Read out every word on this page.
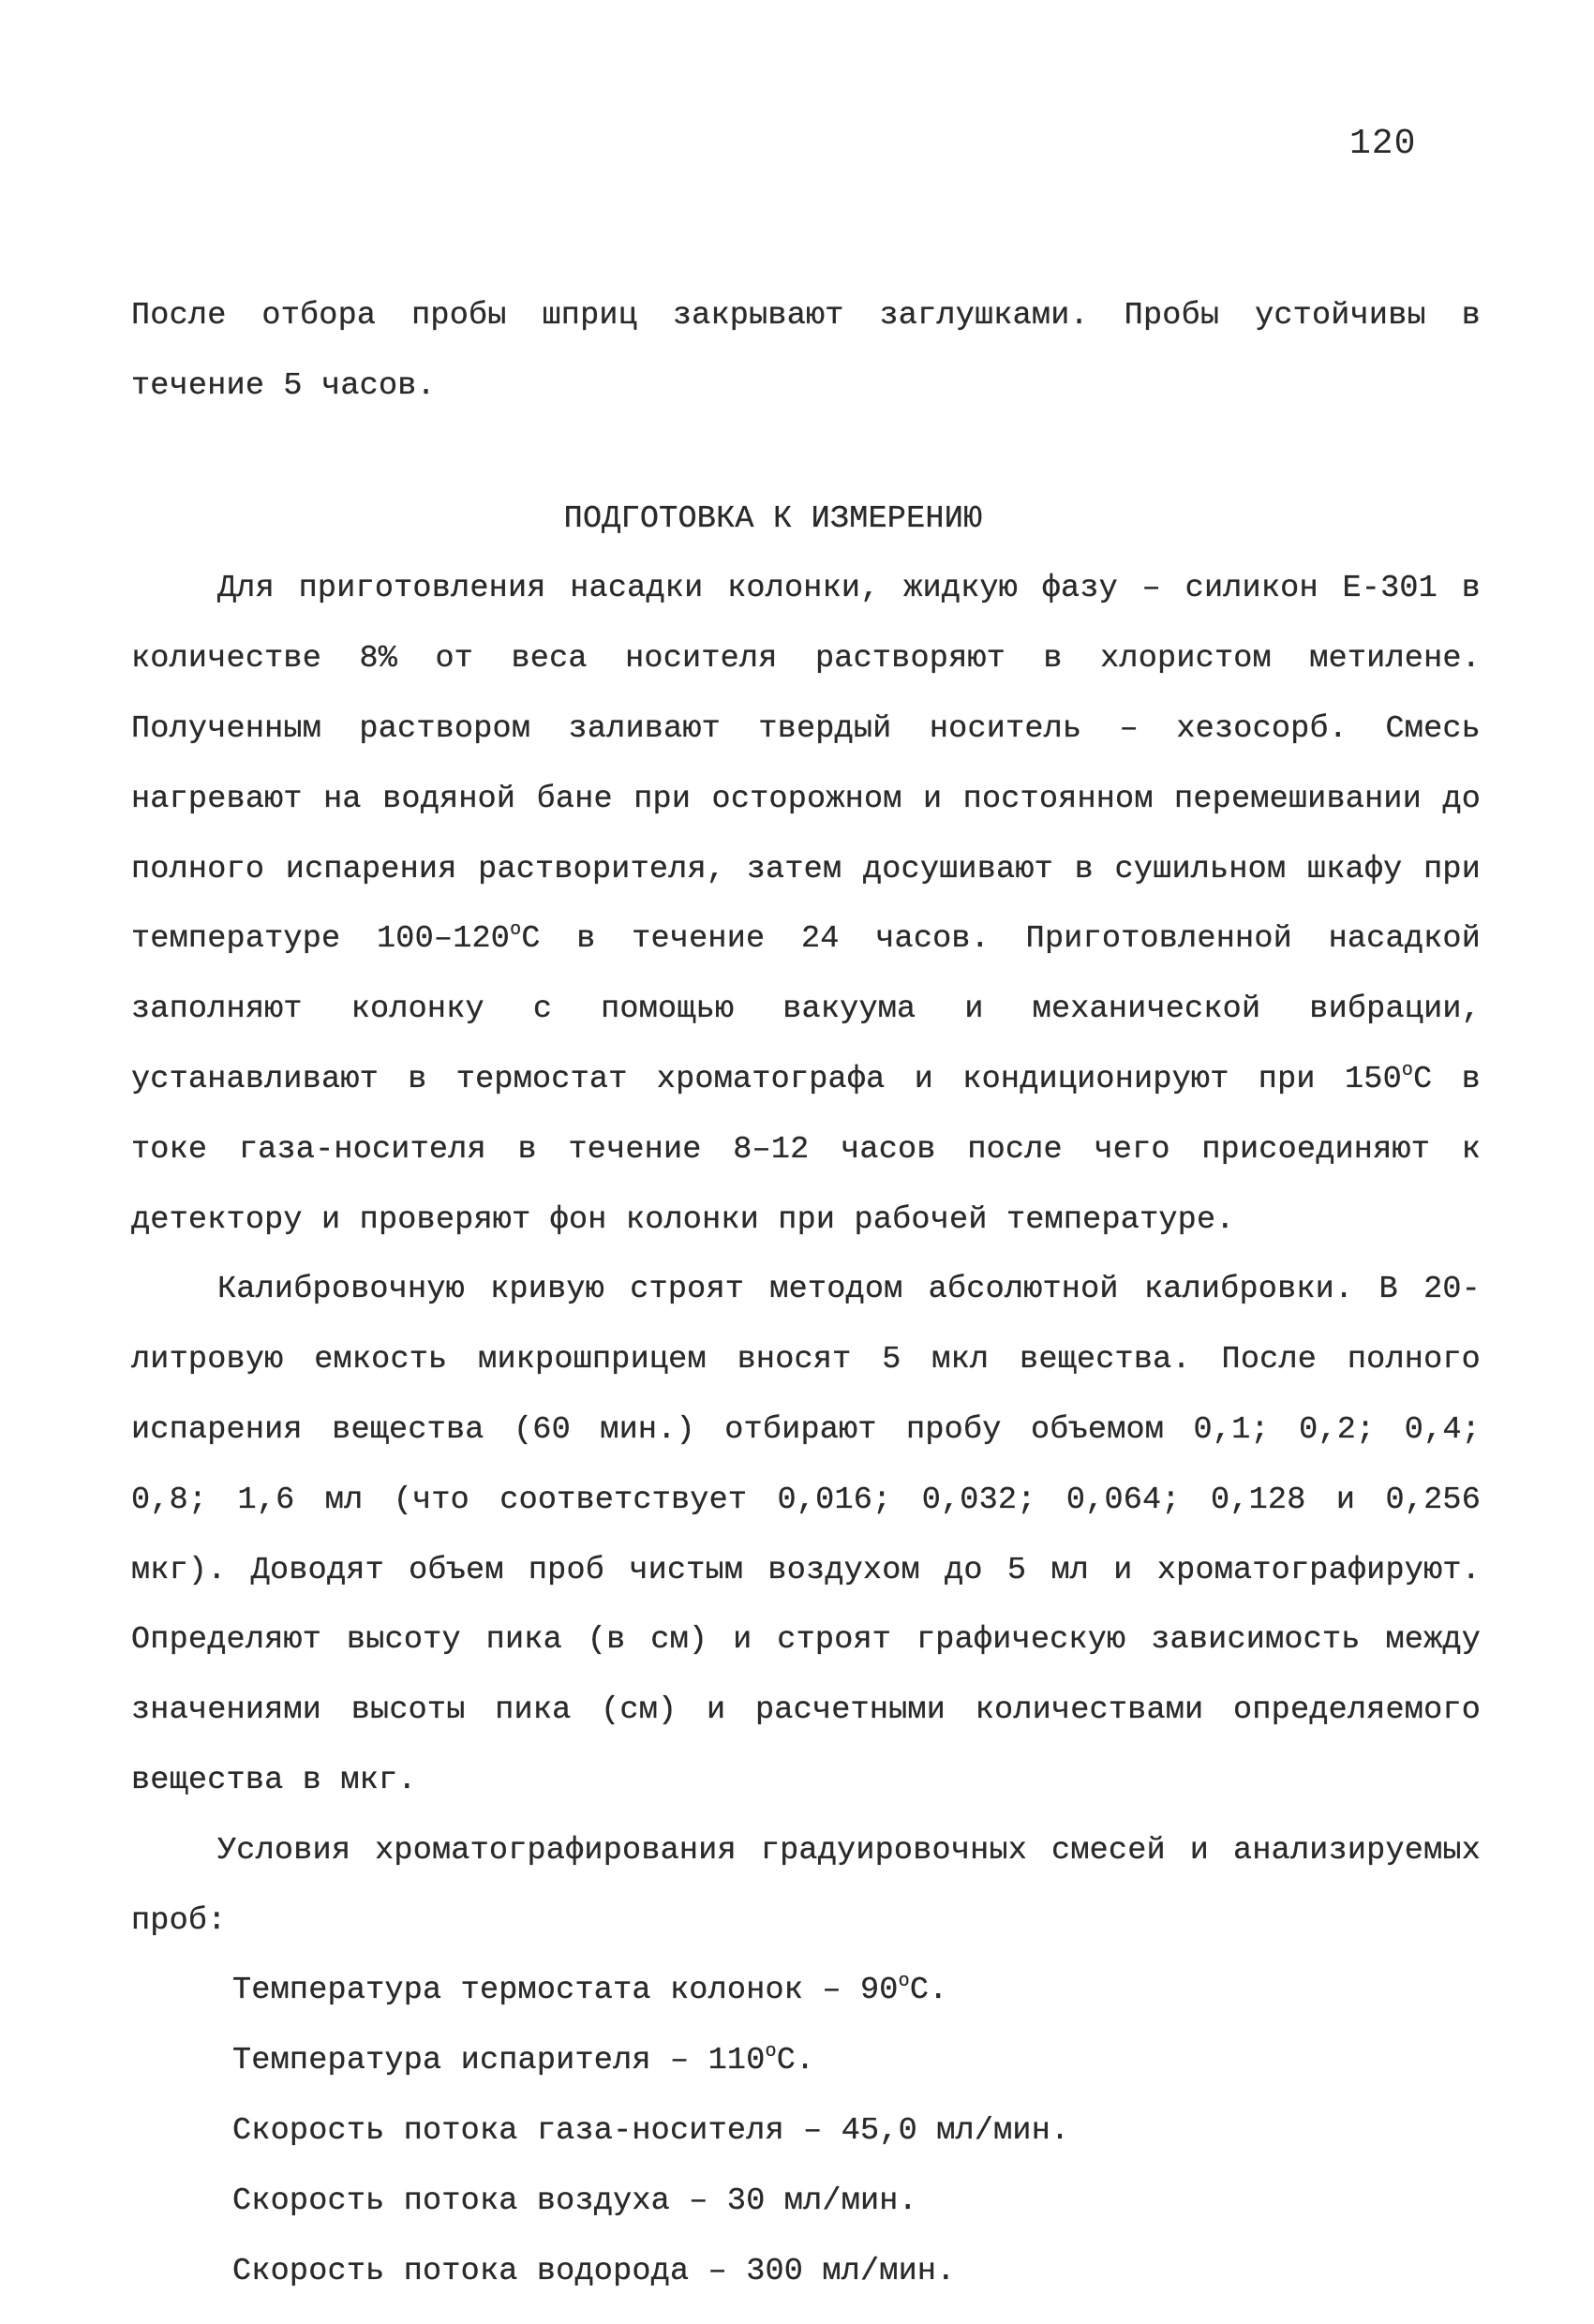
120

После отбора пробы шприц закрывают заглушками. Пробы устойчивы в течение 5 часов.

ПОДГОТОВКА К ИЗМЕРЕНИЮ

Для приготовления насадки колонки, жидкую фазу – силикон Е-301 в количестве 8% от веса носителя растворяют в хлористом метилене. Полученным раствором заливают твердый носитель – хезосорб. Смесь нагревают на водяной бане при осторожном и постоянном перемешивании до полного испарения растворителя, затем досушивают в сушильном шкафу при температуре $100-120^оС$ в течение 24 часов. Приготовленной насадкой заполняют колонку с помощью вакуума и механической вибрации, устанавливают в термостат хроматографа и кондиционируют при $150^оС$ в токе газа-носителя в течение 8–12 часов после чего присоединяют к детектору и проверяют фон колонки при рабочей температуре.

Калибровочную кривую строят методом абсолютной калибровки. В 20-литровую емкость микрошприцем вносят 5 мкл вещества. После полного испарения вещества (60 мин.) отбирают пробу объемом 0,1; 0,2; 0,4; 0,8; 1,6 мл (что соответствует 0,016; 0,032; 0,064; 0,128 и 0,256 мкг). Доводят объем проб чистым воздухом до 5 мл и хроматографируют. Определяют высоту пика (в см) и строят графическую зависимость между значениями высоты пика (см) и расчетными количествами определяемого вещества в мкг.

Условия хроматографирования градуировочных смесей и анализируемых проб:

Температура термостата колонок – $90^оС$.

Температура испарителя – $110^оС$.

Скорость потока газа-носителя – 45,0 мл/мин.

Скорость потока воздуха – 30 мл/мин.

Скорость потока водорода – 300 мл/мин.
